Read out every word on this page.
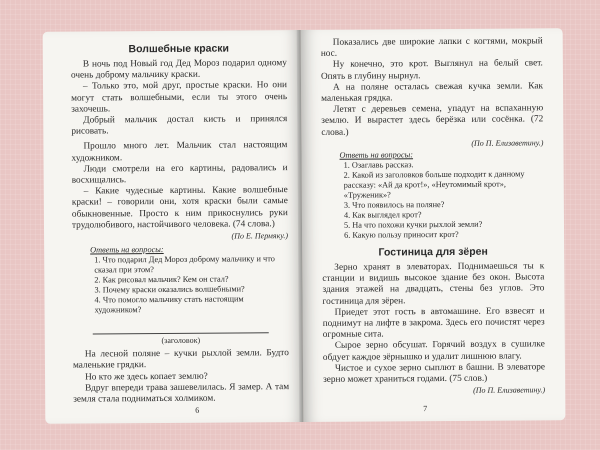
Волшебные краски

В ночь под Новый год Дед Мороз подарил одному очень доброму мальчику краски.

– Только это, мой друг, простые краски. Но они могут стать волшебными, если ты этого очень захочешь.

Добрый мальчик достал кисть и принялся рисовать.

Прошло много лет. Мальчик стал настоящим художником.

Люди смотрели на его картины, радовались и восхищались.

– Какие чудесные картины. Какие волшебные краски! – говорили они, хотя краски были самые обыкновенные. Просто к ним прикоснулись руки трудолюбивого, настойчивого человека. (74 слова.)

(По Е. Пермяку.)

Ответь на вопросы:
1. Что подарил Дед Мороз доброму мальчику и что сказал при этом?
2. Как рисовал мальчик? Кем он стал?
3. Почему краски оказались волшебными?
4. Что помогло мальчику стать настоящим художником?
(заголовок)

На лесной поляне – кучки рыхлой земли. Будто маленькие грядки.

Но кто же здесь копает землю?

Вдруг впереди трава зашевелилась. Я замер. А там земля стала подниматься холмиком.

6

Показались две широкие лапки с когтями, мокрый нос.

Ну конечно, это крот. Выглянул на белый свет. Опять в глубину нырнул.

А на поляне осталась свежая кучка земли. Как маленькая грядка.

Летят с деревьев семена, упадут на вспаханную землю. И вырастет здесь берёзка или сосёнка. (72 слова.)

(По П. Елизаветину.)

Ответь на вопросы:
1. Озаглавь рассказ.
2. Какой из заголовков больше подходит к данному рассказу: «Ай да крот!», «Неутомимый крот», «Труженик»?
3. Что появилось на поляне?
4. Как выглядел крот?
5. На что похожи кучки рыхлой земли?
6. Какую пользу приносит крот?
Гостиница для зёрен

Зерно хранят в элеваторах. Поднимаешься ты к станции и видишь высокое здание без окон. Высота здания этажей на двадцать, стены без углов. Это гостиница для зёрен.

Приедет этот гость в автомашине. Его взвесят и поднимут на лифте в закрома. Здесь его почистят через огромные сита.

Сырое зерно обсушат. Горячий воздух в сушилке обдует каждое зёрнышко и удалит лишнюю влагу.

Чистое и сухое зерно сыплют в башни. В элеваторе зерно может храниться годами. (75 слов.)

(По П. Елизаветину.)

7
